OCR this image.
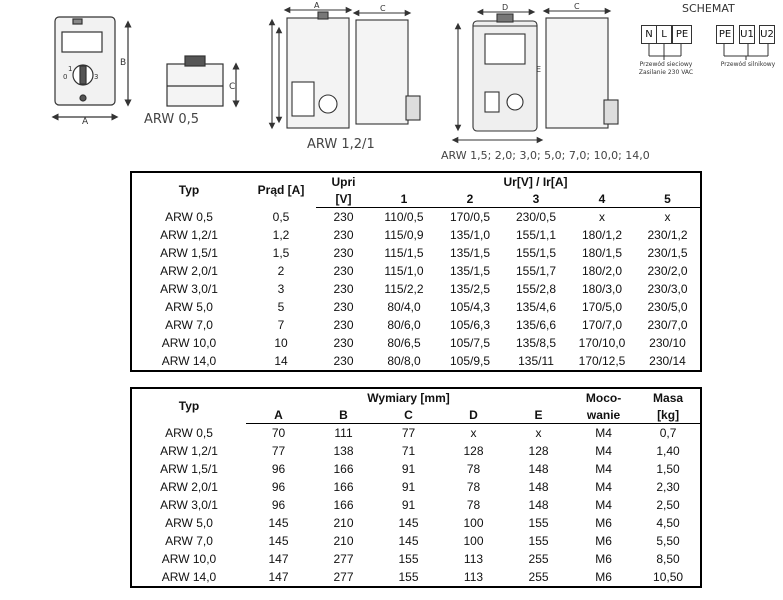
A
B
0
1
3
C
A	C	D	C
E
ARW 0,5
ARW 1,2/1
ARW 1,5; 2,0; 3,0; 5,0; 7,0; 10,0; 14,0
SCHEMAT
N L PE	PE U1 U2
Przewód sieciowy
Zasilanie 230 VAC
Przewód silnikowy
Typ	Prąd [A]	Upri	Ur[V] / Ir[A]				
		[V]	1	2	3	4	5
ARW 0,5	0,5	230	110/0,5	170/0,5	230/0,5	x	x
ARW 1,2/1	1,2	230	115/0,9	135/1,0	155/1,1	180/1,2	230/1,2
ARW 1,5/1	1,5	230	115/1,5	135/1,5	155/1,5	180/1,5	230/1,5
ARW 2,0/1	2	230	115/1,0	135/1,5	155/1,7	180/2,0	230/2,0
ARW 3,0/1	3	230	115/2,2	135/2,5	155/2,8	180/3,0	230/3,0
ARW 5,0	5	230	80/4,0	105/4,3	135/4,6	170/5,0	230/5,0
ARW 7,0	7	230	80/6,0	105/6,3	135/6,6	170/7,0	230/7,0
ARW 10,0	10	230	80/6,5	105/7,5	135/8,5	170/10,0	230/10
ARW 14,0	14	230	80/8,0	105/9,5	135/11	170/12,5	230/14
Typ	Wymiary [mm]					Moco-	Masa
	A	B	C	D	E	wanie	[kg]
ARW 0,5	70	111	77	x	x	M4	0,7
ARW 1,2/1	77	138	71	128	128	M4	1,40
ARW 1,5/1	96	166	91	78	148	M4	1,50
ARW 2,0/1	96	166	91	78	148	M4	2,30
ARW 3,0/1	96	166	91	78	148	M4	2,50
ARW 5,0	145	210	145	100	155	M6	4,50
ARW 7,0	145	210	145	100	155	M6	5,50
ARW 10,0	147	277	155	113	255	M6	8,50
ARW 14,0	147	277	155	113	255	M6	10,50
